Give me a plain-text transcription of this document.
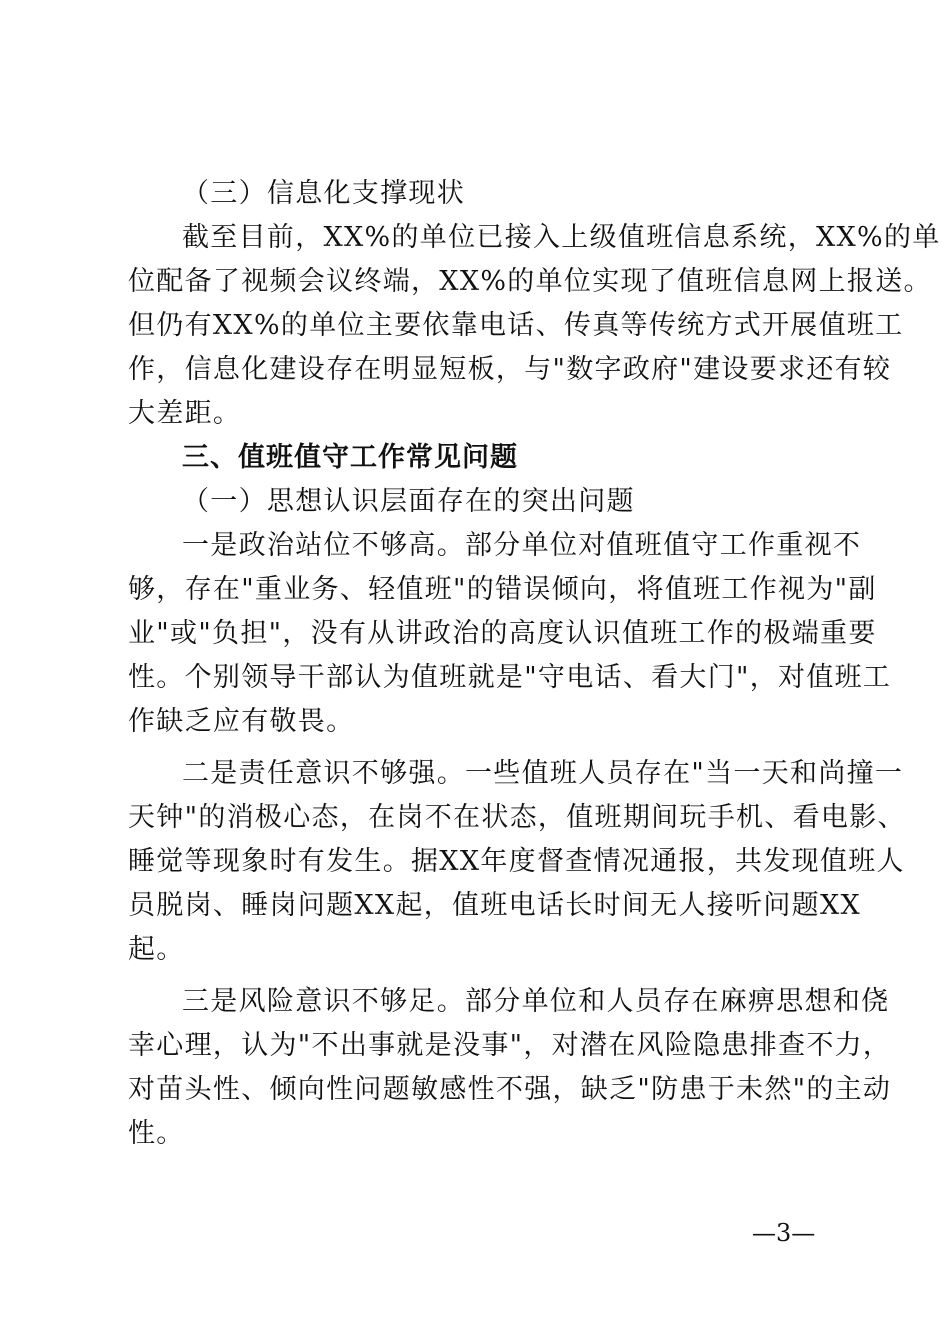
（三）信息化支撑现状
截至目前，XX%的单位已接入上级值班信息系统，XX%的单
位配备了视频会议终端，XX%的单位实现了值班信息网上报送。
但仍有XX%的单位主要依靠电话、传真等传统方式开展值班工
作，信息化建设存在明显短板，与"数字政府"建设要求还有较
大差距。
三、值班值守工作常见问题
（一）思想认识层面存在的突出问题
一是政治站位不够高。部分单位对值班值守工作重视不
够，存在"重业务、轻值班"的错误倾向，将值班工作视为"副
业"或"负担"，没有从讲政治的高度认识值班工作的极端重要
性。个别领导干部认为值班就是"守电话、看大门"，对值班工
作缺乏应有敬畏。
二是责任意识不够强。一些值班人员存在"当一天和尚撞一
天钟"的消极心态，在岗不在状态，值班期间玩手机、看电影、
睡觉等现象时有发生。据XX年度督查情况通报，共发现值班人
员脱岗、睡岗问题XX起，值班电话长时间无人接听问题XX
起。
三是风险意识不够足。部分单位和人员存在麻痹思想和侥
幸心理，认为"不出事就是没事"，对潜在风险隐患排查不力，
对苗头性、倾向性问题敏感性不强，缺乏"防患于未然"的主动
性。
—3—
